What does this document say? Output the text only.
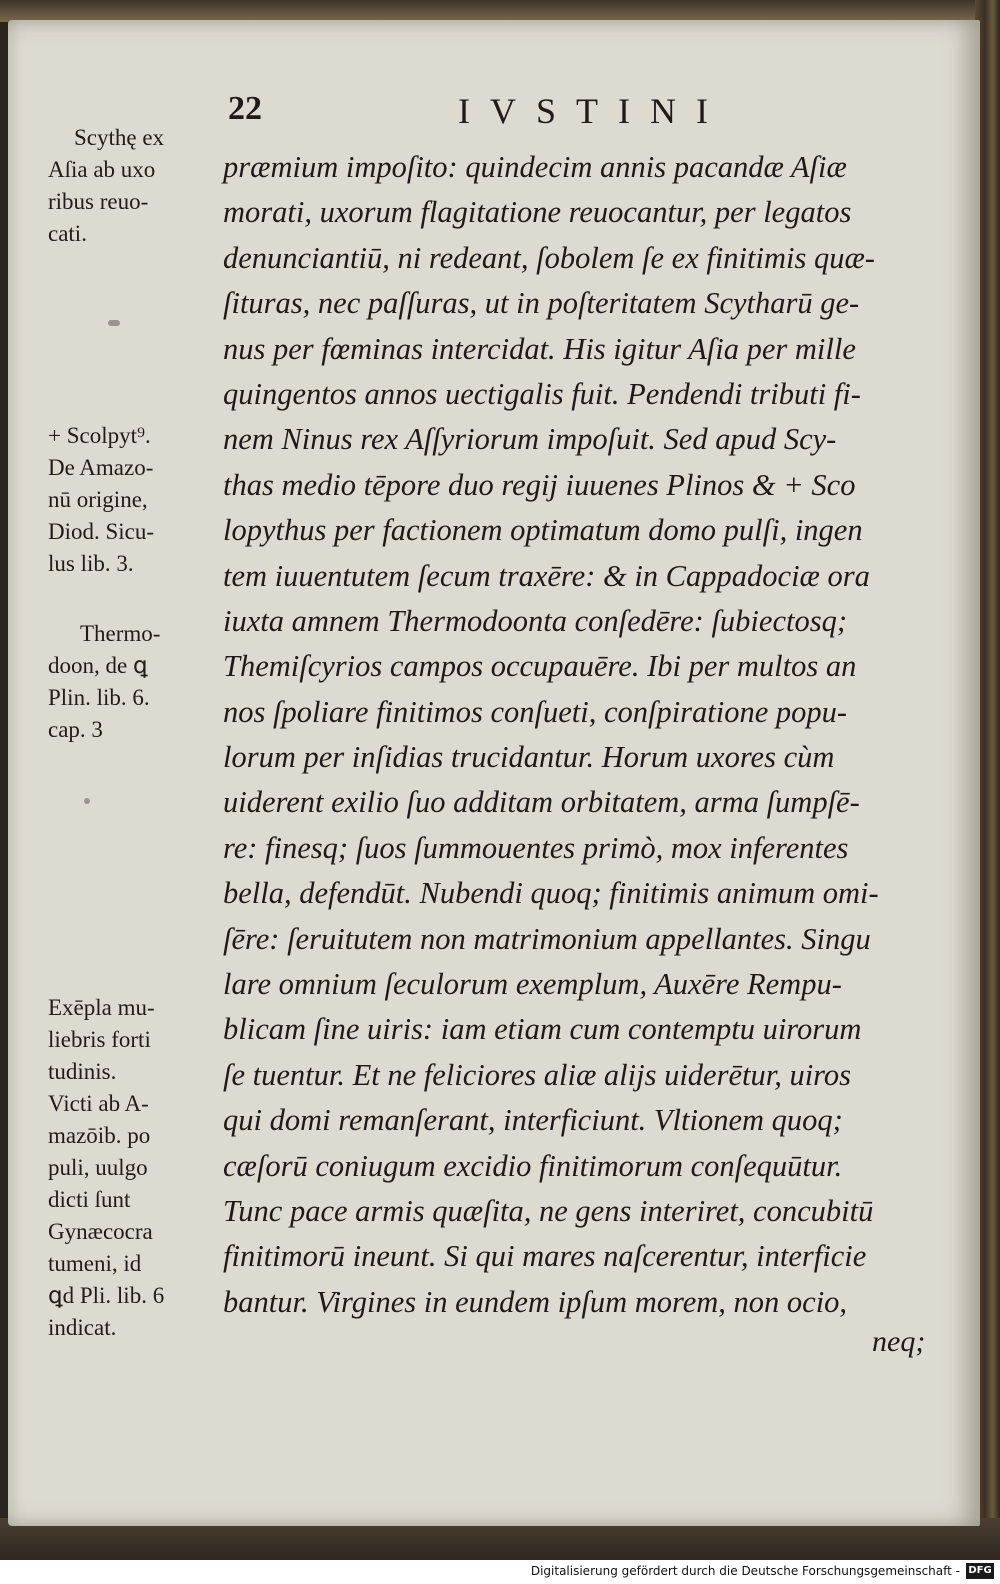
22	IVSTINI
Scythę ex
Aſia ab uxo
ribus reuo-
cati.
+ Scolpyt⁹.
De Amazo-
nū origine,
Diod. Sicu-
lus lib. 3.
Thermo-
doon, de ꝗ
Plin. lib. 6.
cap. 3
Exēpla mu-
liebris forti
tudinis.
Victi ab A-
mazōib. po
puli, uulgo
dicti ſunt
Gynæcocra
tumeni, id
ꝗd Pli. lib. 6
indicat.
præmium impoſito: quindecim annis pacandæ Aſiæ
morati, uxorum flagitatione reuocantur, per legatos
denunciantiū, ni redeant, ſobolem ſe ex finitimis quæ-
ſituras, nec paſſuras, ut in poſteritatem Scytharū ge-
nus per fœminas intercidat. His igitur Aſia per mille
quingentos annos uectigalis fuit. Pendendi tributi fi-
nem Ninus rex Aſſyriorum impoſuit. Sed apud Scy-
thas medio tēpore duo regij iuuenes Plinos & + Sco
lopythus per factionem optimatum domo pulſi, ingen
tem iuuentutem ſecum traxēre: & in Cappadociæ ora
iuxta amnem Thermodoonta conſedēre: ſubiectosq;
Themiſcyrios campos occupauēre. Ibi per multos an
nos ſpoliare finitimos conſueti, conſpiratione popu-
lorum per inſidias trucidantur. Horum uxores cùm
uiderent exilio ſuo additam orbitatem, arma ſumpſē-
re: finesq; ſuos ſummouentes primò, mox inferentes
bella, defendūt. Nubendi quoq; finitimis animum omi-
ſēre: ſeruitutem non matrimonium appellantes. Singu
lare omnium ſeculorum exemplum, Auxēre Rempu-
blicam ſine uiris: iam etiam cum contemptu uirorum
ſe tuentur. Et ne feliciores aliæ alijs uiderētur, uiros
qui domi remanſerant, interficiunt. Vltionem quoq;
cæſorū coniugum excidio finitimorum conſequūtur.
Tunc pace armis quæſita, ne gens interiret, concubitū
finitimorū ineunt. Si qui mares naſcerentur, interficie
bantur. Virgines in eundem ipſum morem, non ocio,
neq;
Digitalisierung gefördert durch die Deutsche Forschungsgemeinschaft - DFG
